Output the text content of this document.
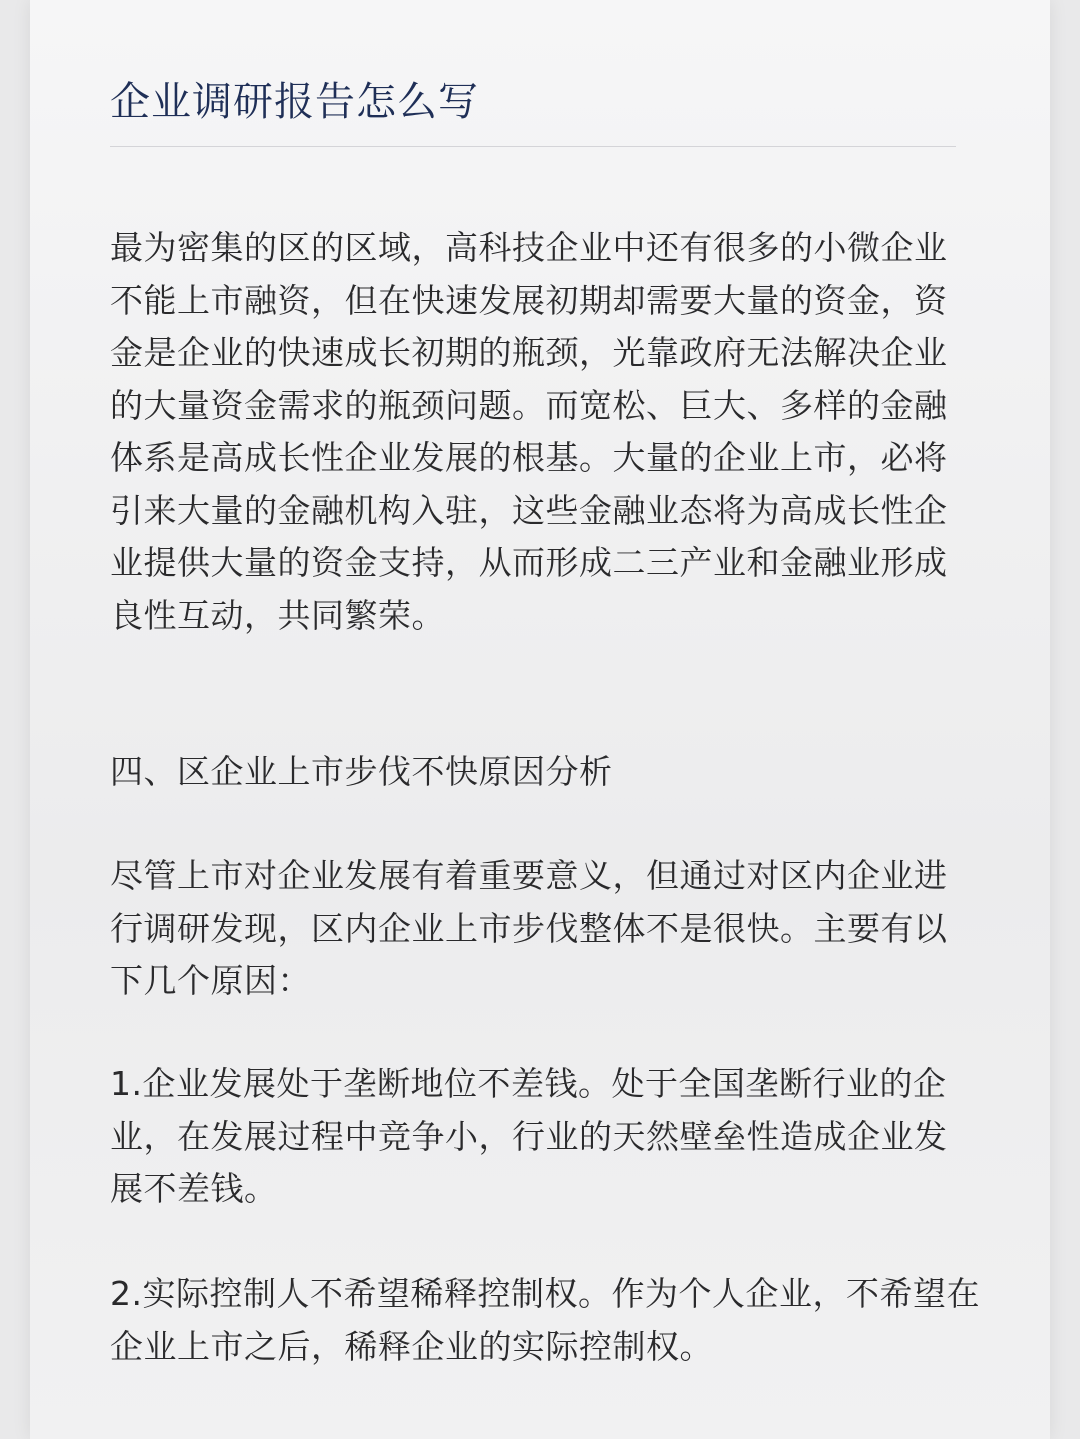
企业调研报告怎么写

最为密集的区的区域，高科技企业中还有很多的小微企业不能上市融资，但在快速发展初期却需要大量的资金，资金是企业的快速成长初期的瓶颈，光靠政府无法解决企业的大量资金需求的瓶颈问题。而宽松、巨大、多样的金融体系是高成长性企业发展的根基。大量的企业上市，必将引来大量的金融机构入驻，这些金融业态将为高成长性企业提供大量的资金支持，从而形成二三产业和金融业形成良性互动，共同繁荣。

四、区企业上市步伐不快原因分析

尽管上市对企业发展有着重要意义，但通过对区内企业进行调研发现，区内企业上市步伐整体不是很快。主要有以下几个原因：

1.企业发展处于垄断地位不差钱。处于全国垄断行业的企业，在发展过程中竞争小，行业的天然壁垒性造成企业发展不差钱。

2.实际控制人不希望稀释控制权。作为个人企业，不希望在企业上市之后，稀释企业的实际控制权。
